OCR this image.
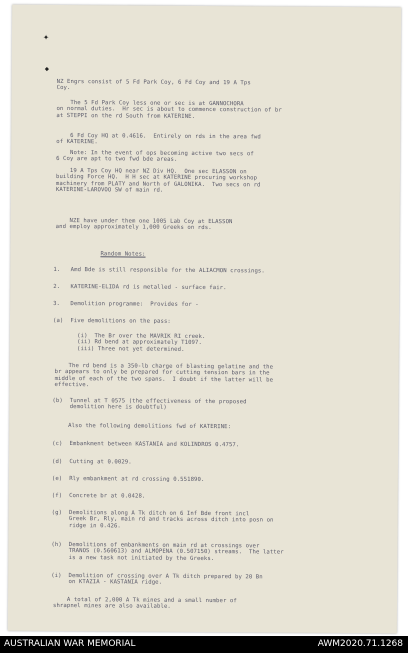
✦
◆
NZ Engrs consist of 5 Fd Park Coy, 6 Fd Coy and 19 A Tps
Coy.
The 5 Fd Park Coy less one or sec is at GANNOCHORA
on normal duties.  Hr sec is about to commence construction of br
at STEPPI on the rd South from KATERINE.
6 Fd Coy HQ at 0.4616.  Entirely on rds in the area fwd
of KATERINE.
Note: In the event of ops becoming active two secs of
6 Coy are apt to two fwd bde areas.
19 A Tps Coy HQ near NZ Div HQ.  One sec ELASSON on
building Force HQ.  H H sec at KATERINE procuring workshop
machinery from PLATY and North of GALONIKA.  Two secs on rd
KATERINE-LAROVOO SW of main rd.
NZE have under them one 1005 Lab Coy at ELASSON
and employ approximately 1,000 Greeks on rds.
Random Notes:
1.   Amd Bde is still responsible for the ALIACMON crossings.
2.   KATERINE-ELIDA rd is metalled - surface fair.
3.   Demolition programme:  Provides for -
(a)  Five demolitions on the pass:
(i)  The Br over the MAVRIK RI creek.
(ii) Rd bend at approximately T1097.
(iii) Three not yet determined.
The rd bend is a 350-lb charge of blasting gelatine and the
br appears to only be prepared for cutting tension bars in the
middle of each of the two spans.  I doubt if the latter will be
effective.
(b)  Tunnel at T 0575 (the effectiveness of the proposed
demolition here is doubtful)
Also the following demolitions fwd of KATERINE:
(c)  Embankment between KASTANIA and KOLINDROS 0.4757.
(d)  Cutting at 0.0029.
(e)  Rly embankment at rd crossing 0.551890.
(f)  Concrete br at 0.0428.
(g)  Demolitions along A Tk ditch on 6 Inf Bde front incl
Greek Br, Rly, main rd and tracks across ditch into posn on
ridge in 0.426.
(h)  Demolitions of embankments on main rd at crossings over
TRANOS (0.560613) and ALMOPENA (0.507150) streams.  The latter
is a new task not initiated by the Greeks.
(i)  Demolition of crossing over A Tk ditch prepared by 20 Bn
on KTAZIA - KASTANIA ridge.
A total of 2,000 A Tk mines and a small number of
shrapnel mines are also available.
AUSTRALIAN WAR MEMORIAL	AWM2020.71.1268
